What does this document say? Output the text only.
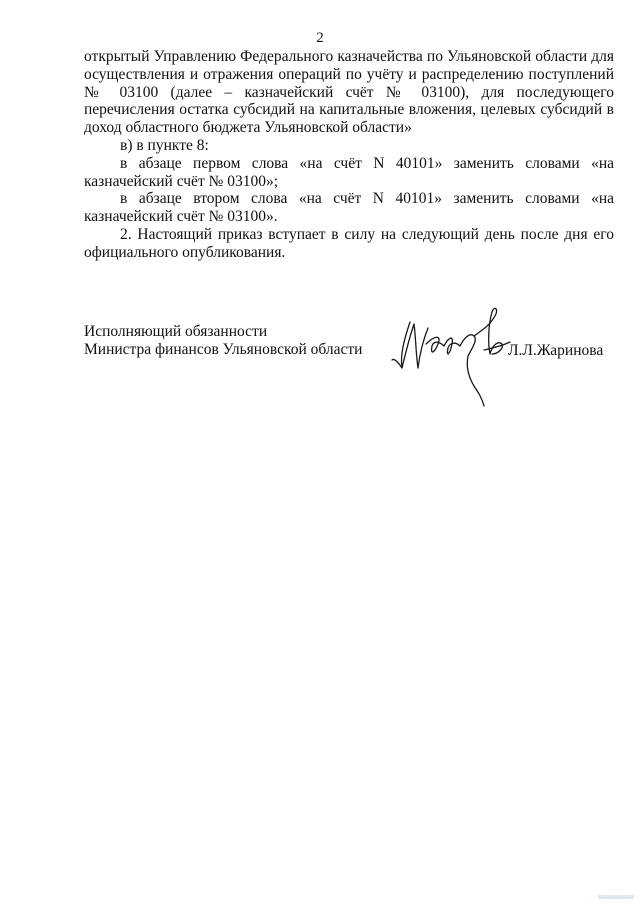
2

открытый Управлению Федерального казначейства по Ульяновской области для осуществления и отражения операций по учёту и распределению поступлений № 03100 (далее – казначейский счёт № 03100), для последующего перечисления остатка субсидий на капитальные вложения, целевых субсидий в доход областного бюджета Ульяновской области»

в) в пункте 8:

в абзаце первом слова «на счёт N 40101» заменить словами «на казначейский счёт № 03100»;

в абзаце втором слова «на счёт N 40101» заменить словами «на казначейский счёт № 03100».

2. Настоящий приказ вступает в силу на следующий день после дня его официального опубликования.

Исполняющий обязанности
Министра финансов Ульяновской области	Л.Л.Жаринова
